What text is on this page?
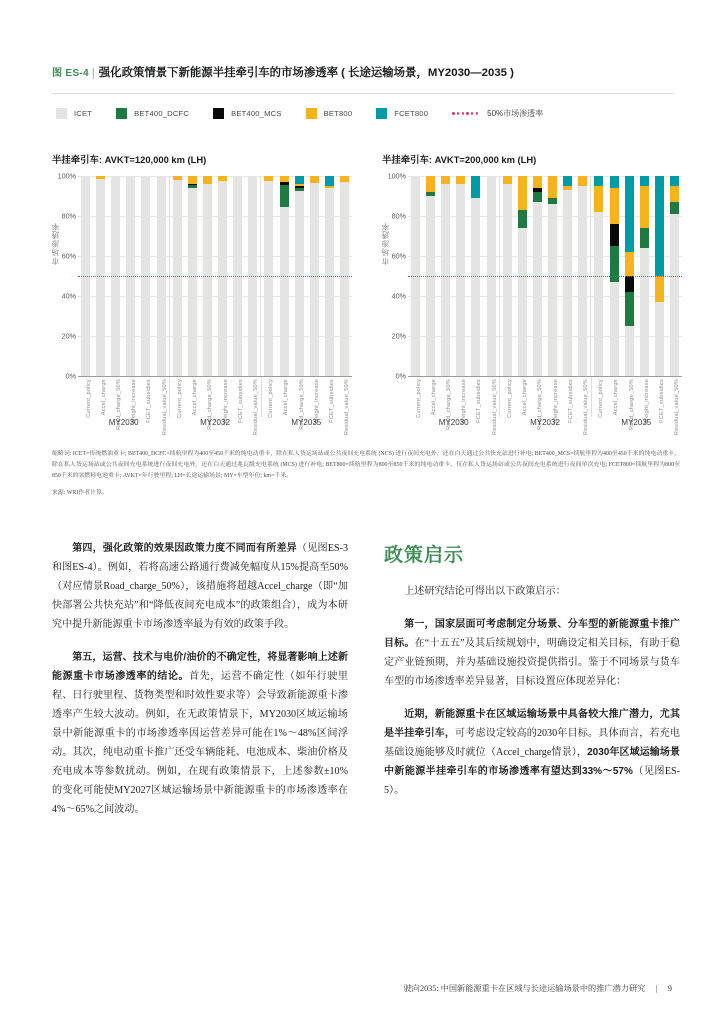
图 ES-4 | 强化政策情景下新能源半挂牵引车的市场渗透率 ( 长途运输场景，MY2030—2035 )
ICET	BET400_DCFC	BET400_MCS	BET800	FCET800	50%市场渗透率
半挂牵引车: AVKT=120,000 km (LH)
市场渗透率
0%
20%
40%
60%
80%
100%
Current_policy Accel_charge Road_charge_50% Weight_increase FCET_subsidies Residual_value_50%
MY2030
Current_policy Accel_charge Road_charge_50% Weight_increase FCET_subsidies Residual_value_50%
MY2032
Current_policy Accel_charge Road_charge_50% Weight_increase FCET_subsidies Residual_value_50%
MY2035
半挂牵引车: AVKT=200,000 km (LH)
市场渗透率
0%
20%
40%
60%
80%
100%
Current_policy Accel_charge Road_charge_50% Weight_increase FCET_subsidies Residual_value_50%
MY2030
Current_policy Accel_charge Road_charge_50% Weight_increase FCET_subsidies Residual_value_50%
MY2032
Current_policy Accel_charge Road_charge_50% Weight_increase FCET_subsidies Residual_value_50%
MY2035
缩略词: ICET=传统燃油重卡; BET400_DCFC=续航里程为400至450千米的纯电动重卡，除在私人货运场站或公共夜间充电系统 (NCS) 进行夜间充电外，还在白天通过公共快充站进行补电; BET400_MCS=续航里程为400至450千米的纯电动重卡，除在私人货运场站或公共夜间充电系统进行夜间充电外，还在白天通过兆瓦级充电系统 (MCS) 进行补电; BET800=续航里程为800至850千米的纯电动重卡，仅在私人货运场站或公共夜间充电系统进行夜间单次充电; FCET800=续航里程为800至850千米的氢燃料电池重卡; AVKT=年行驶里程; LH=长途运输场景; MY=车型年份; km=千米。
来源: WRI作者计算。

第四，强化政策的效果因政策力度不同而有所差异（见图ES-3和图ES-4）。例如，若将高速公路通行费减免幅度从15%提高至50%（对应情景Road_charge_50%），该措施将超越Accel_charge（即“加快部署公共快充站”和“降低夜间充电成本”的政策组合），成为本研究中提升新能源重卡市场渗透率最为有效的政策手段。

第五，运营、技术与电价/油价的不确定性，将显著影响上述新能源重卡市场渗透率的结论。首先，运营不确定性（如年行驶里程、日行驶里程、货物类型和时效性要求等）会导致新能源重卡渗透率产生较大波动。例如，在无政策情景下，MY2030区域运输场景中新能源重卡的市场渗透率因运营差异可能在1%～48%区间浮动。其次，纯电动重卡推广还受车辆能耗、电池成本、柴油价格及充电成本等参数扰动。例如，在现有政策情景下，上述参数±10%的变化可能使MY2027区域运输场景中新能源重卡的市场渗透率在4%～65%之间波动。

政策启示

上述研究结论可得出以下政策启示：

第一，国家层面可考虑制定分场景、分车型的新能源重卡推广目标。在“十五五”及其后续规划中，明确设定相关目标，有助于稳定产业链预期，并为基础设施投资提供指引。鉴于不同场景与货车车型的市场渗透率差异显著，目标设置应体现差异化：

近期，新能源重卡在区域运输场景中具备较大推广潜力，尤其是半挂牵引车，可考虑设定较高的2030年目标。具体而言，若充电基础设施能够及时就位（Accel_charge情景），2030年区域运输场景中新能源半挂牵引车的市场渗透率有望达到33%～57%（见图ES-5）。

驶向2035: 中国新能源重卡在区域与长途运输场景中的推广潜力研究 | 9
